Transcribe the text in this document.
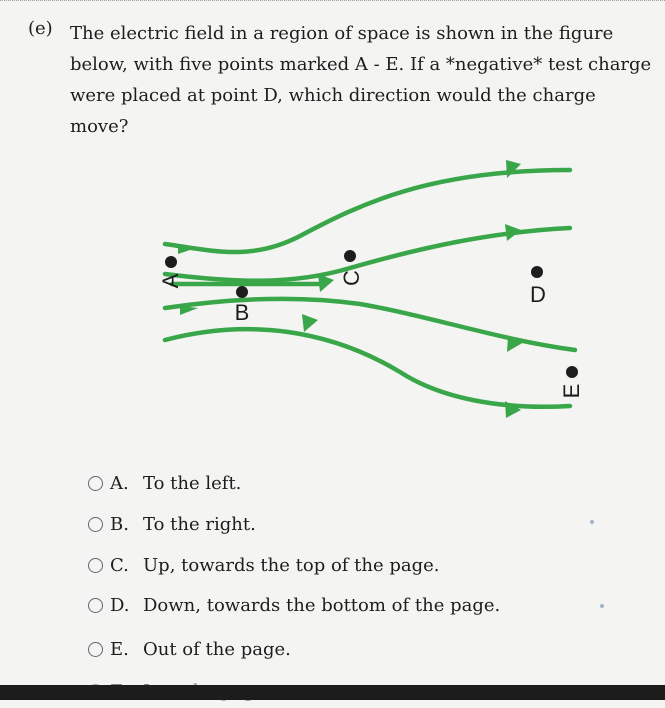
(e) The electric field in a region of space is shown in the figure below, with five points marked A - E. If a *negative* test charge were placed at point D, which direction would the charge move?
A
B
C
D
E
A. To the left.
B. To the right.
C. Up, towards the top of the page.
D. Down, towards the bottom of the page.
E. Out of the page.
